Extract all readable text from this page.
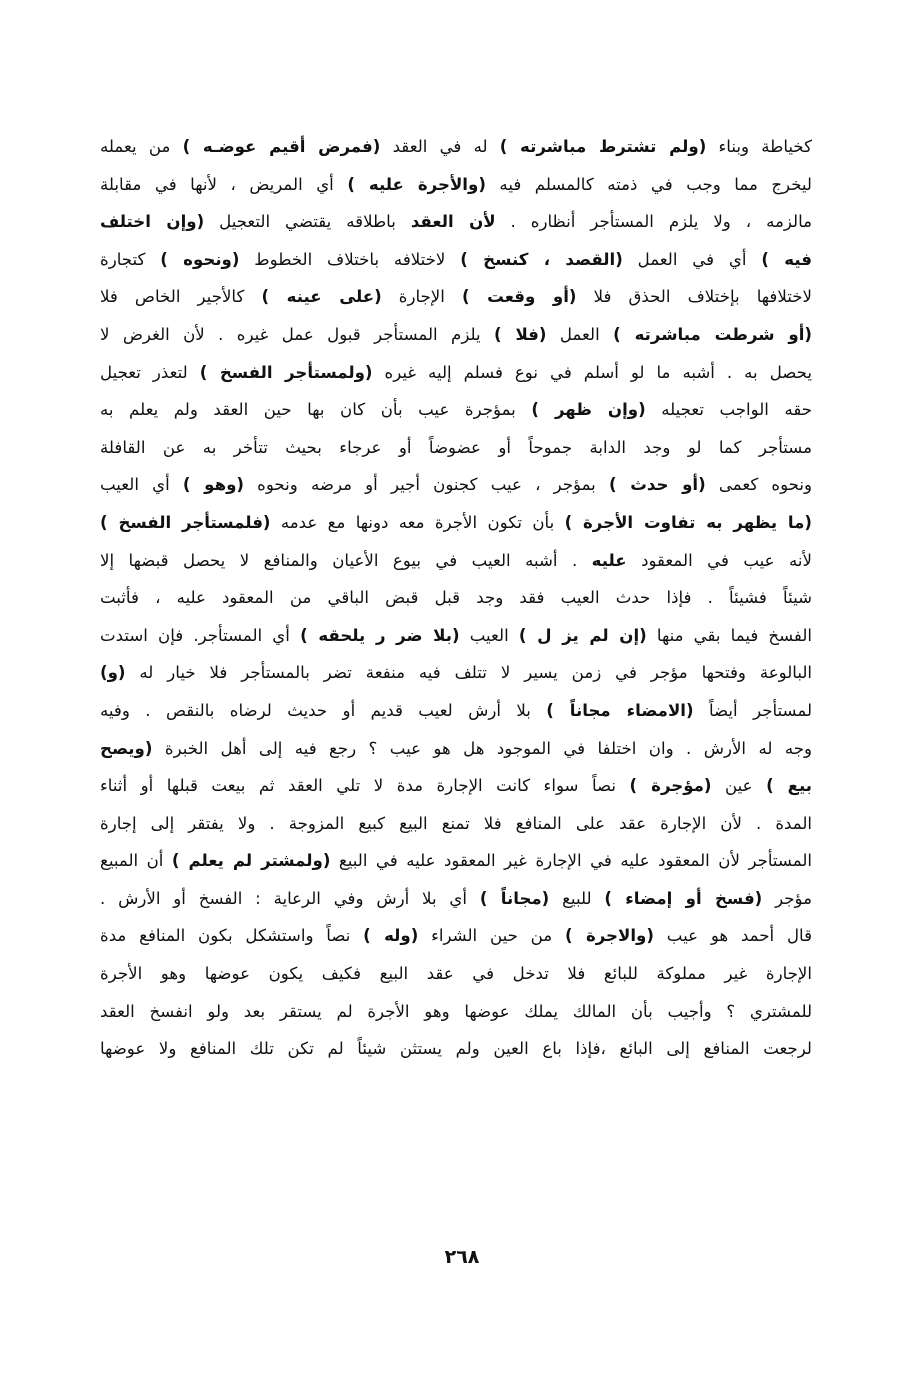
كخياطة وبناء (ولم تشترط مباشرته ) له في العقد (فمرض أقيم عوضـه ) من يعمله
ليخرج مما وجب في ذمته كالمسلم فيه (والأجرة عليه ) أي المريض ، لأنها في مقابلة
مالزمه ، ولا يلزم المستأجر أنظاره . لأن العقد باطلاقه يقتضي التعجيل (وإن اختلف
فيه ) أي في العمل (القصد ، كنسخ ) لاختلافه باختلاف الخطوط (ونحوه ) كتجارة
لاختلافها بإختلاف الحذق فلا (أو وقعت ) الإجارة (على عينه ) كالأجير الخاص فلا
(أو شرطت مباشرته ) العمل (فلا ) يلزم المستأجر قبول عمل غيره . لأن الغرض لا
يحصل به . أشبه ما لو أسلم في نوع فسلم إليه غيره (ولمستأجر الفسخ ) لتعذر تعجيل
حقه الواجب تعجيله (وإن ظهر ) بمؤجرة عيب بأن كان بها حين العقد ولم يعلم به
مستأجر كما لو وجد الدابة جموحاً أو عضوضاً أو عرجاء بحيث تتأخر به عن القافلة
ونحوه كعمى (أو حدث ) بمؤجر ، عيب كجنون أجير أو مرضه ونحوه (وهو ) أي العيب
(ما يظهر به تفاوت الأجرة ) بأن تكون الأجرة معه دونها مع عدمه (فلمستأجر الفسخ )
لأنه عيب في المعقود عليه . أشبه العيب في بيوع الأعيان والمنافع لا يحصل قبضها إلا
شيئاً فشيئاً . فإذا حدث العيب فقد وجد قبل قبض الباقي من المعقود عليه ، فأثبت
الفسخ فيما بقي منها (إن لم يز ل ) العيب (بلا ضر ر يلحقه ) أي المستأجر. فإن استدت
البالوعة وفتحها مؤجر في زمن يسير لا تتلف فيه منفعة تضر بالمستأجر فلا خيار له (و)
لمستأجر أيضاً (الامضاء مجاناً ) بلا أرش لعيب قديم أو حديث لرضاه بالنقص . وفيه
وجه له الأرش . وان اختلفا في الموجود هل هو عيب ؟ رجع فيه إلى أهل الخبرة (ويصح
بيع ) عين (مؤجرة ) نصاً سواء كانت الإجارة مدة لا تلي العقد ثم بيعت قبلها أو أثناء
المدة . لأن الإجارة عقد على المنافع فلا تمنع البيع كبيع المزوجة . ولا يفتقر إلى إجارة
المستأجر لأن المعقود عليه في الإجارة غير المعقود عليه في البيع (ولمشتر لم يعلم ) أن المبيع
مؤجر (فسخ أو إمضاء ) للبيع (مجاناً ) أي بلا أرش وفي الرعاية : الفسخ أو الأرش .
قال أحمد هو عيب (والاجرة ) من حين الشراء (وله ) نصاً واستشكل بكون المنافع مدة
الإجارة غير مملوكة للبائع فلا تدخل في عقد البيع فكيف يكون عوضها وهو الأجرة
للمشتري ؟ وأجيب بأن المالك يملك عوضها وهو الأجرة لم يستقر بعد ولو انفسخ العقد
لرجعت المنافع إلى البائع ،فإذا باع العين ولم يستثن شيئاً لم تكن تلك المنافع ولا عوضها
٢٦٨
